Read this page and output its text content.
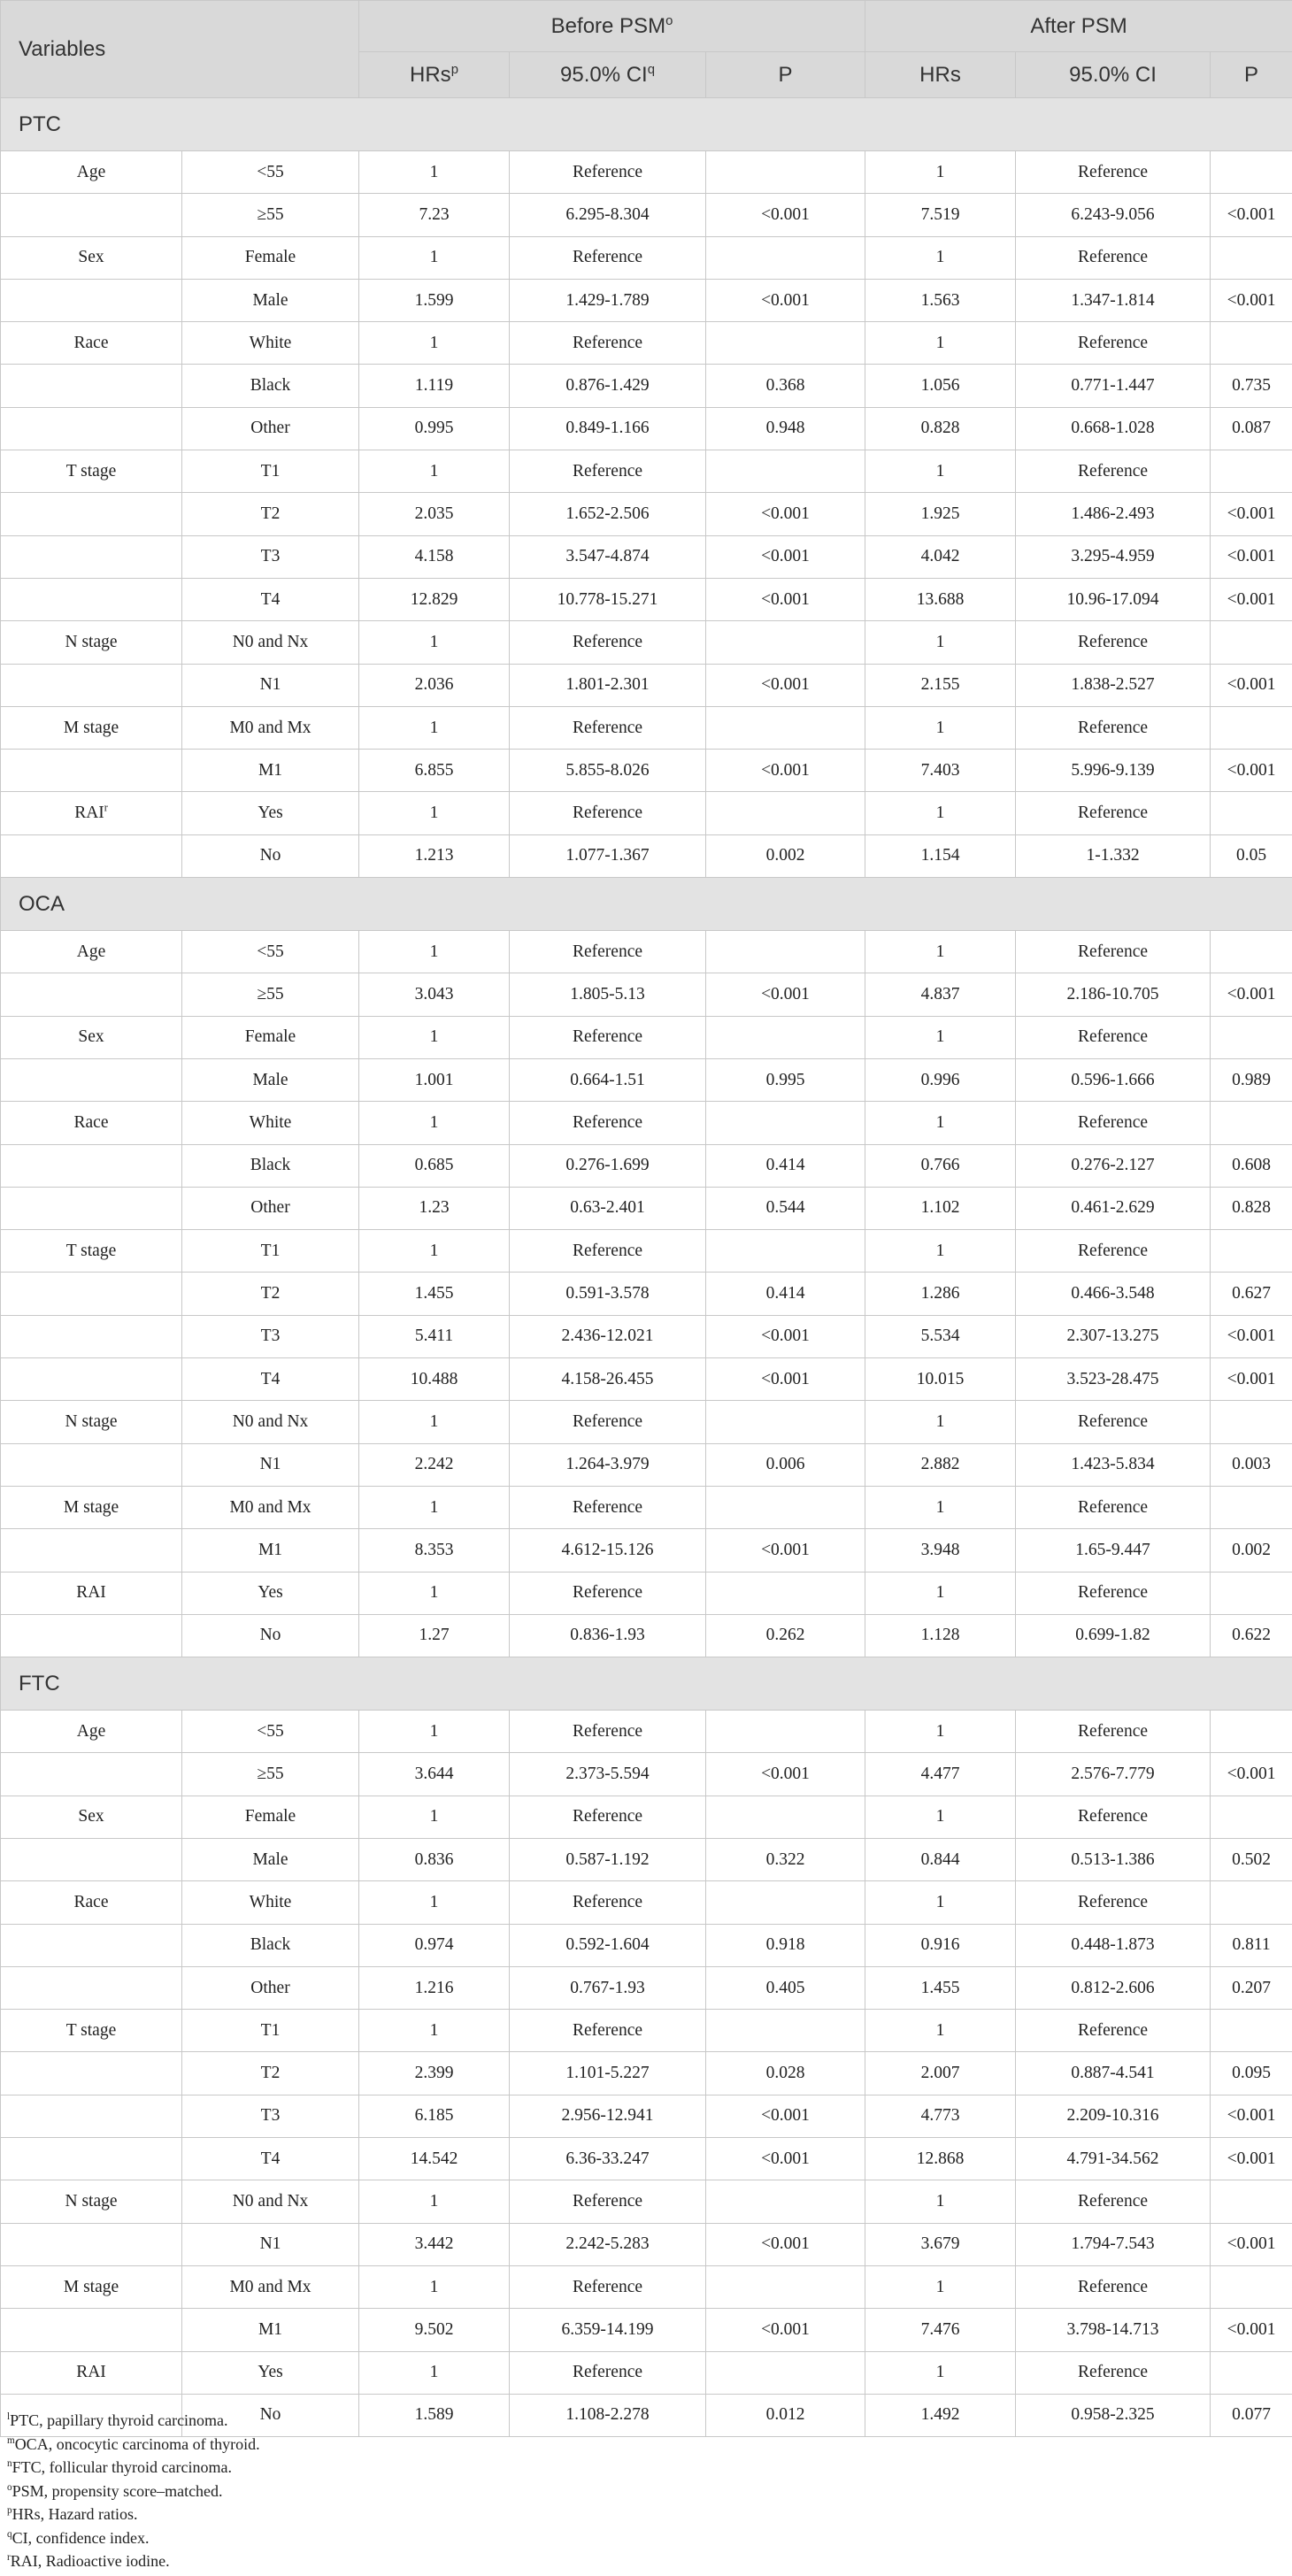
Variables		Before PSM$^o$			After PSM		
		HRs$^p$	95.0% $CI^q$	P	HRs	95.0% CI	P
PTC							
Age	<55	1	Reference		1	Reference	
	≥55	7.23	6.295-8.304	<0.001	7.519	6.243-9.056	<0.001
Sex	Female	1	Reference		1	Reference	
	Male	1.599	1.429-1.789	<0.001	1.563	1.347-1.814	<0.001
Race	White	1	Reference		1	Reference	
	Black	1.119	0.876-1.429	0.368	1.056	0.771-1.447	0.735
	Other	0.995	0.849-1.166	0.948	0.828	0.668-1.028	0.087
T stage	T1	1	Reference		1	Reference	
	T2	2.035	1.652-2.506	<0.001	1.925	1.486-2.493	<0.001
	T3	4.158	3.547-4.874	<0.001	4.042	3.295-4.959	<0.001
	T4	12.829	10.778-15.271	<0.001	13.688	10.96-17.094	<0.001
N stage	N0 and Nx	1	Reference		1	Reference	
	N1	2.036	1.801-2.301	<0.001	2.155	1.838-2.527	<0.001
M stage	M0 and Mx	1	Reference		1	Reference	
	M1	6.855	5.855-8.026	<0.001	7.403	5.996-9.139	<0.001
RAI$^r$	Yes	1	Reference		1	Reference	
	No	1.213	1.077-1.367	0.002	1.154	1-1.332	0.05
OCA							
Age	<55	1	Reference		1	Reference	
	≥55	3.043	1.805-5.13	<0.001	4.837	2.186-10.705	<0.001
Sex	Female	1	Reference		1	Reference	
	Male	1.001	0.664-1.51	0.995	0.996	0.596-1.666	0.989
Race	White	1	Reference		1	Reference	
	Black	0.685	0.276-1.699	0.414	0.766	0.276-2.127	0.608
	Other	1.23	0.63-2.401	0.544	1.102	0.461-2.629	0.828
T stage	T1	1	Reference		1	Reference	
	T2	1.455	0.591-3.578	0.414	1.286	0.466-3.548	0.627
	T3	5.411	2.436-12.021	<0.001	5.534	2.307-13.275	<0.001
	T4	10.488	4.158-26.455	<0.001	10.015	3.523-28.475	<0.001
N stage	N0 and Nx	1	Reference		1	Reference	
	N1	2.242	1.264-3.979	0.006	2.882	1.423-5.834	0.003
M stage	M0 and Mx	1	Reference		1	Reference	
	M1	8.353	4.612-15.126	<0.001	3.948	1.65-9.447	0.002
RAI	Yes	1	Reference		1	Reference	
	No	1.27	0.836-1.93	0.262	1.128	0.699-1.82	0.622
FTC							
Age	<55	1	Reference		1	Reference	
	≥55	3.644	2.373-5.594	<0.001	4.477	2.576-7.779	<0.001
Sex	Female	1	Reference		1	Reference	
	Male	0.836	0.587-1.192	0.322	0.844	0.513-1.386	0.502
Race	White	1	Reference		1	Reference	
	Black	0.974	0.592-1.604	0.918	0.916	0.448-1.873	0.811
	Other	1.216	0.767-1.93	0.405	1.455	0.812-2.606	0.207
T stage	T1	1	Reference		1	Reference	
	T2	2.399	1.101-5.227	0.028	2.007	0.887-4.541	0.095
	T3	6.185	2.956-12.941	<0.001	4.773	2.209-10.316	<0.001
	T4	14.542	6.36-33.247	<0.001	12.868	4.791-34.562	<0.001
N stage	N0 and Nx	1	Reference		1	Reference	
	N1	3.442	2.242-5.283	<0.001	3.679	1.794-7.543	<0.001
M stage	M0 and Mx	1	Reference		1	Reference	
	M1	9.502	6.359-14.199	<0.001	7.476	3.798-14.713	<0.001
RAI	Yes	1	Reference		1	Reference	
	No	1.589	1.108-2.278	0.012	1.492	0.958-2.325	0.077
$^l$PTC, papillary thyroid carcinoma.
$^m$OCA, oncocytic carcinoma of thyroid.
$^n$FTC, follicular thyroid carcinoma.
$^o$PSM, propensity score–matched.
$^p$HRs, Hazard ratios.
$^q$CI, confidence index.
$^r$RAI, Radioactive iodine.
